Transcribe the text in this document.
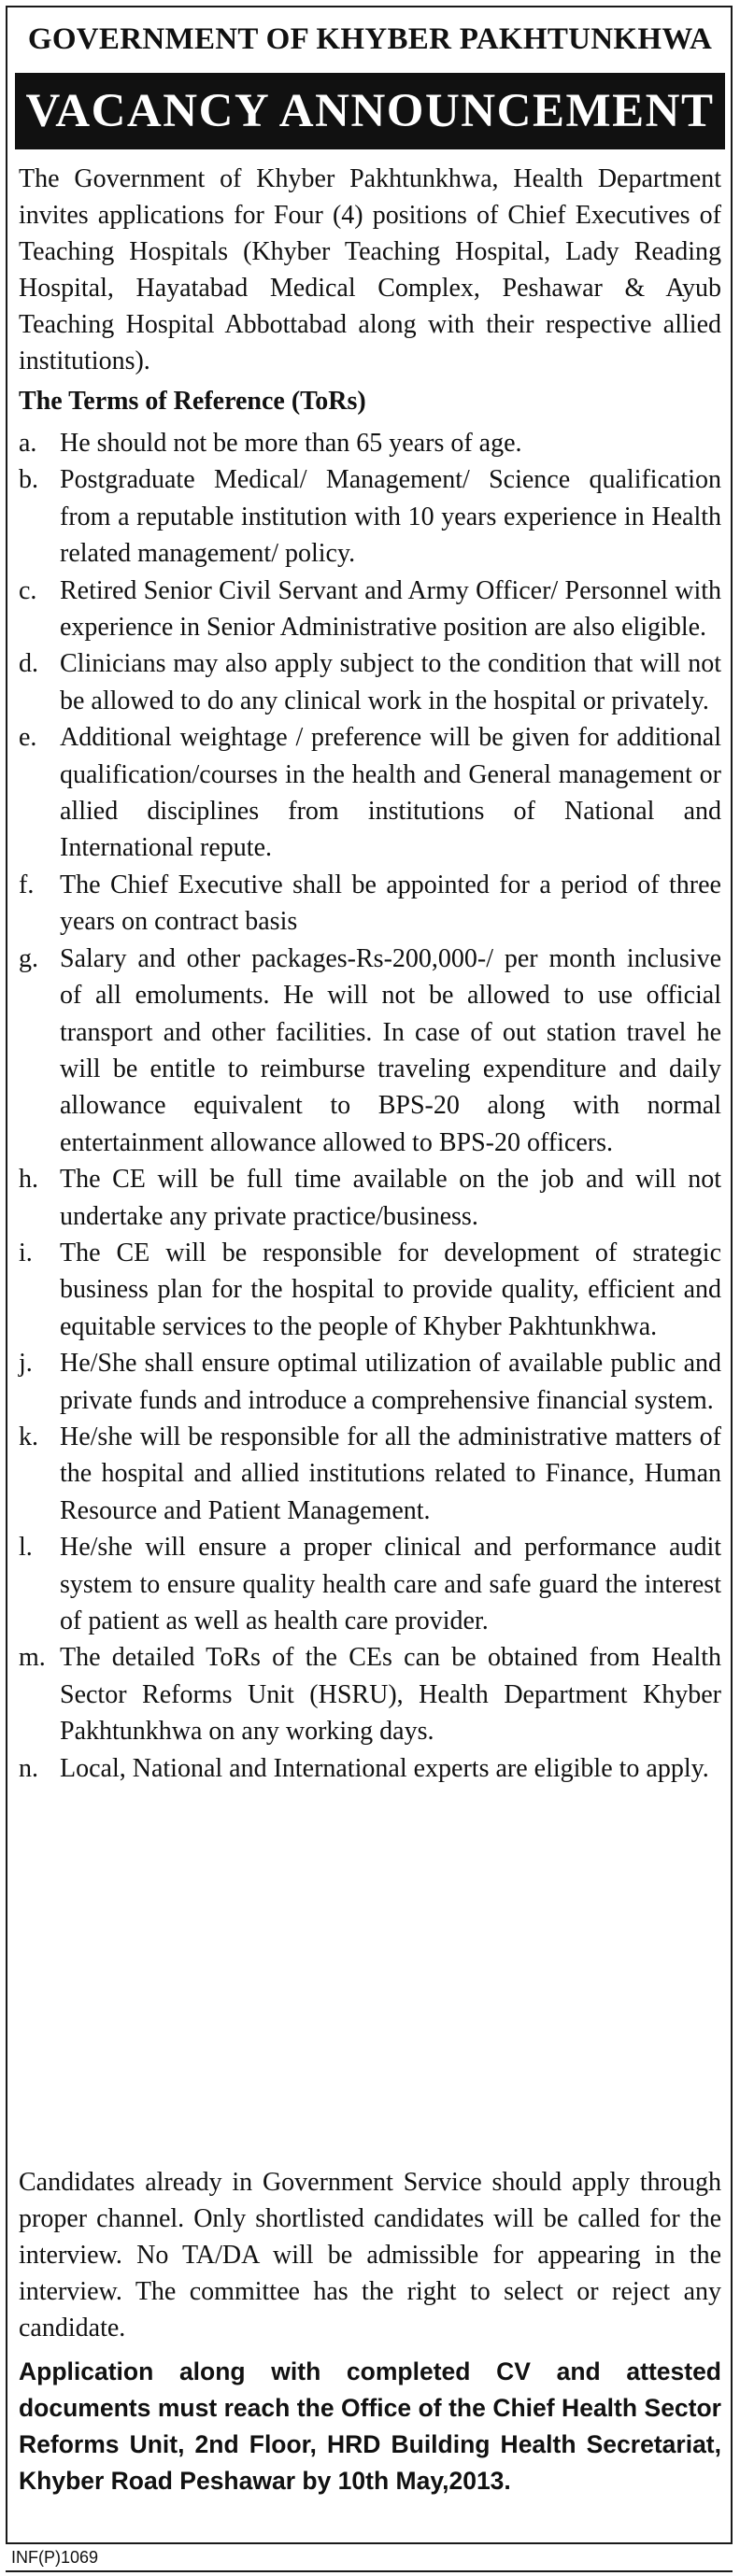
GOVERNMENT OF KHYBER PAKHTUNKHWA
VACANCY ANNOUNCEMENT
The Government of Khyber Pakhtunkhwa, Health Department invites applications for Four (4) positions of Chief Executives of Teaching Hospitals (Khyber Teaching Hospital, Lady Reading Hospital, Hayatabad Medical Complex, Peshawar & Ayub Teaching Hospital Abbottabad along with their respective allied institutions).
The Terms of Reference (ToRs)
a. He should not be more than 65 years of age.
b. Postgraduate Medical/ Management/ Science qualification from a reputable institution with 10 years experience in Health related management/ policy.
c. Retired Senior Civil Servant and Army Officer/ Personnel with experience in Senior Administrative position are also eligible.
d. Clinicians may also apply subject to the condition that will not be allowed to do any clinical work in the hospital or privately.
e. Additional weightage / preference will be given for additional qualification/courses in the health and General management or allied disciplines from institutions of National and International repute.
f. The Chief Executive shall be appointed for a period of three years on contract basis
g. Salary and other packages-Rs-200,000-/ per month inclusive of all emoluments. He will not be allowed to use official transport and other facilities. In case of out station travel he will be entitle to reimburse traveling expenditure and daily allowance equivalent to BPS-20 along with normal entertainment allowance allowed to BPS-20 officers.
h. The CE will be full time available on the job and will not undertake any private practice/business.
i.	The CE will be responsible for development of strategic business plan for the hospital to provide quality, efficient and equitable services to the people of Khyber Pakhtunkhwa.
j.	He/She shall ensure optimal utilization of available public and private funds and introduce a comprehensive financial system.
k. He/she will be responsible for all the administrative matters of the hospital and allied institutions related to Finance, Human Resource and Patient Management.
l.	He/she will ensure a proper clinical and performance audit system to ensure quality health care and safe guard the interest of patient as well as health care provider.
m. The detailed ToRs of the CEs can be obtained from Health Sector Reforms Unit (HSRU), Health Department Khyber Pakhtunkhwa on any working days.
n. Local, National and International experts are eligible to apply.
Candidates already in Government Service should apply through proper channel. Only shortlisted candidates will be called for the interview. No TA/DA will be admissible for appearing in the interview. The committee has the right to select or reject any candidate.
Application along with completed CV and attested documents must reach the Office of the Chief Health Sector Reforms Unit, 2nd Floor, HRD Building Health Secretariat, Khyber Road Peshawar by 10th May,2013.
INF(P)1069
